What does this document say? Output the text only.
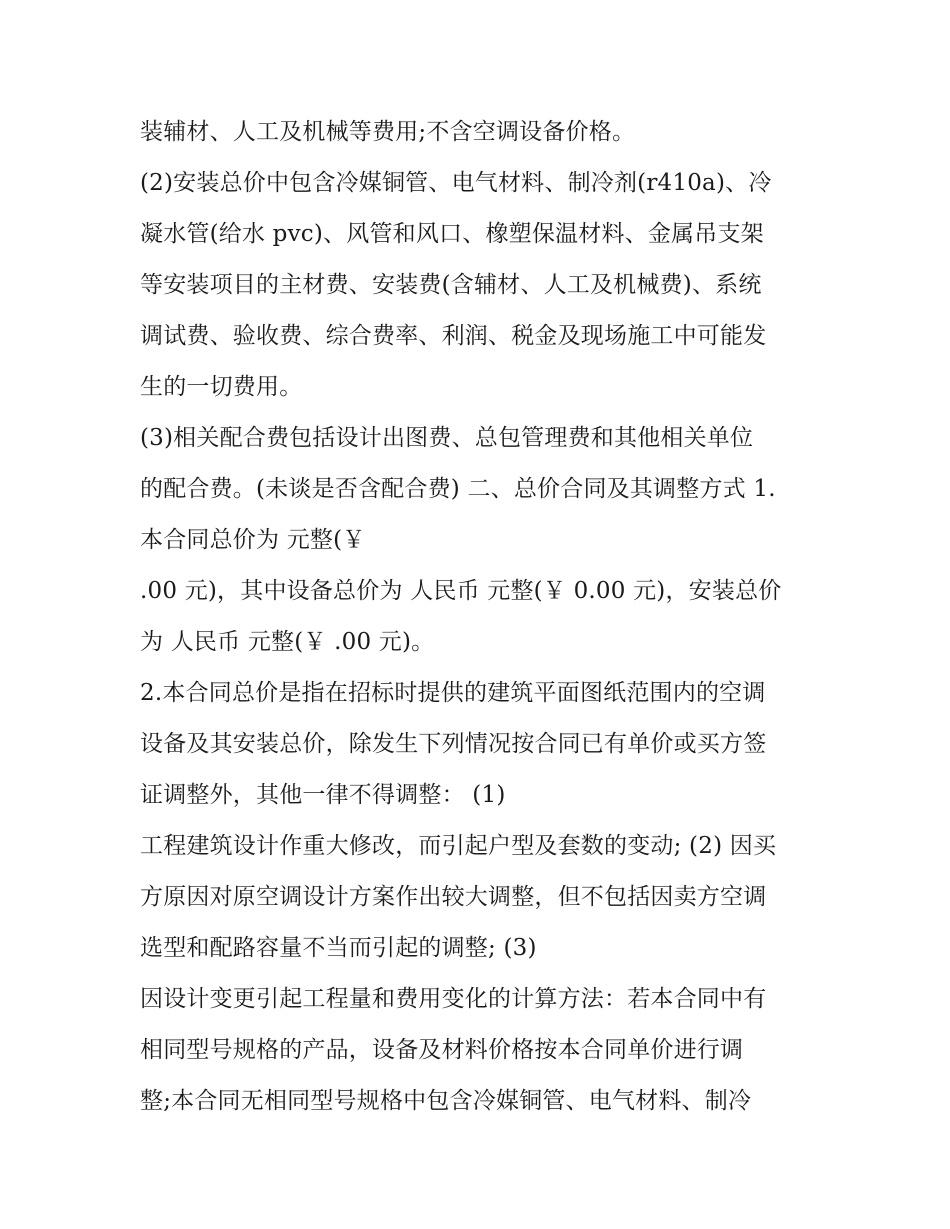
装辅材、人工及机械等费用;不含空调设备价格。
(2)安装总价中包含冷媒铜管、电气材料、制冷剂(r410a)、冷
凝水管(给水 pvc)、风管和风口、橡塑保温材料、金属吊支架
等安装项目的主材费、安装费(含辅材、人工及机械费)、系统
调试费、验收费、综合费率、利润、税金及现场施工中可能发
生的一切费用。
(3)相关配合费包括设计出图费、总包管理费和其他相关单位
的配合费。(未谈是否含配合费) 二、总价合同及其调整方式 1.
本合同总价为 元整(￥
.00 元)，其中设备总价为 人民币 元整(￥ 0.00 元)，安装总价
为 人民币 元整(￥ .00 元)。
2.本合同总价是指在招标时提供的建筑平面图纸范围内的空调
设备及其安装总价，除发生下列情况按合同已有单价或买方签
证调整外，其他一律不得调整： (1)
工程建筑设计作重大修改，而引起户型及套数的变动; (2) 因买
方原因对原空调设计方案作出较大调整，但不包括因卖方空调
选型和配路容量不当而引起的调整; (3)
因设计变更引起工程量和费用变化的计算方法：若本合同中有
相同型号规格的产品，设备及材料价格按本合同单价进行调
整;本合同无相同型号规格中包含冷媒铜管、电气材料、制冷
